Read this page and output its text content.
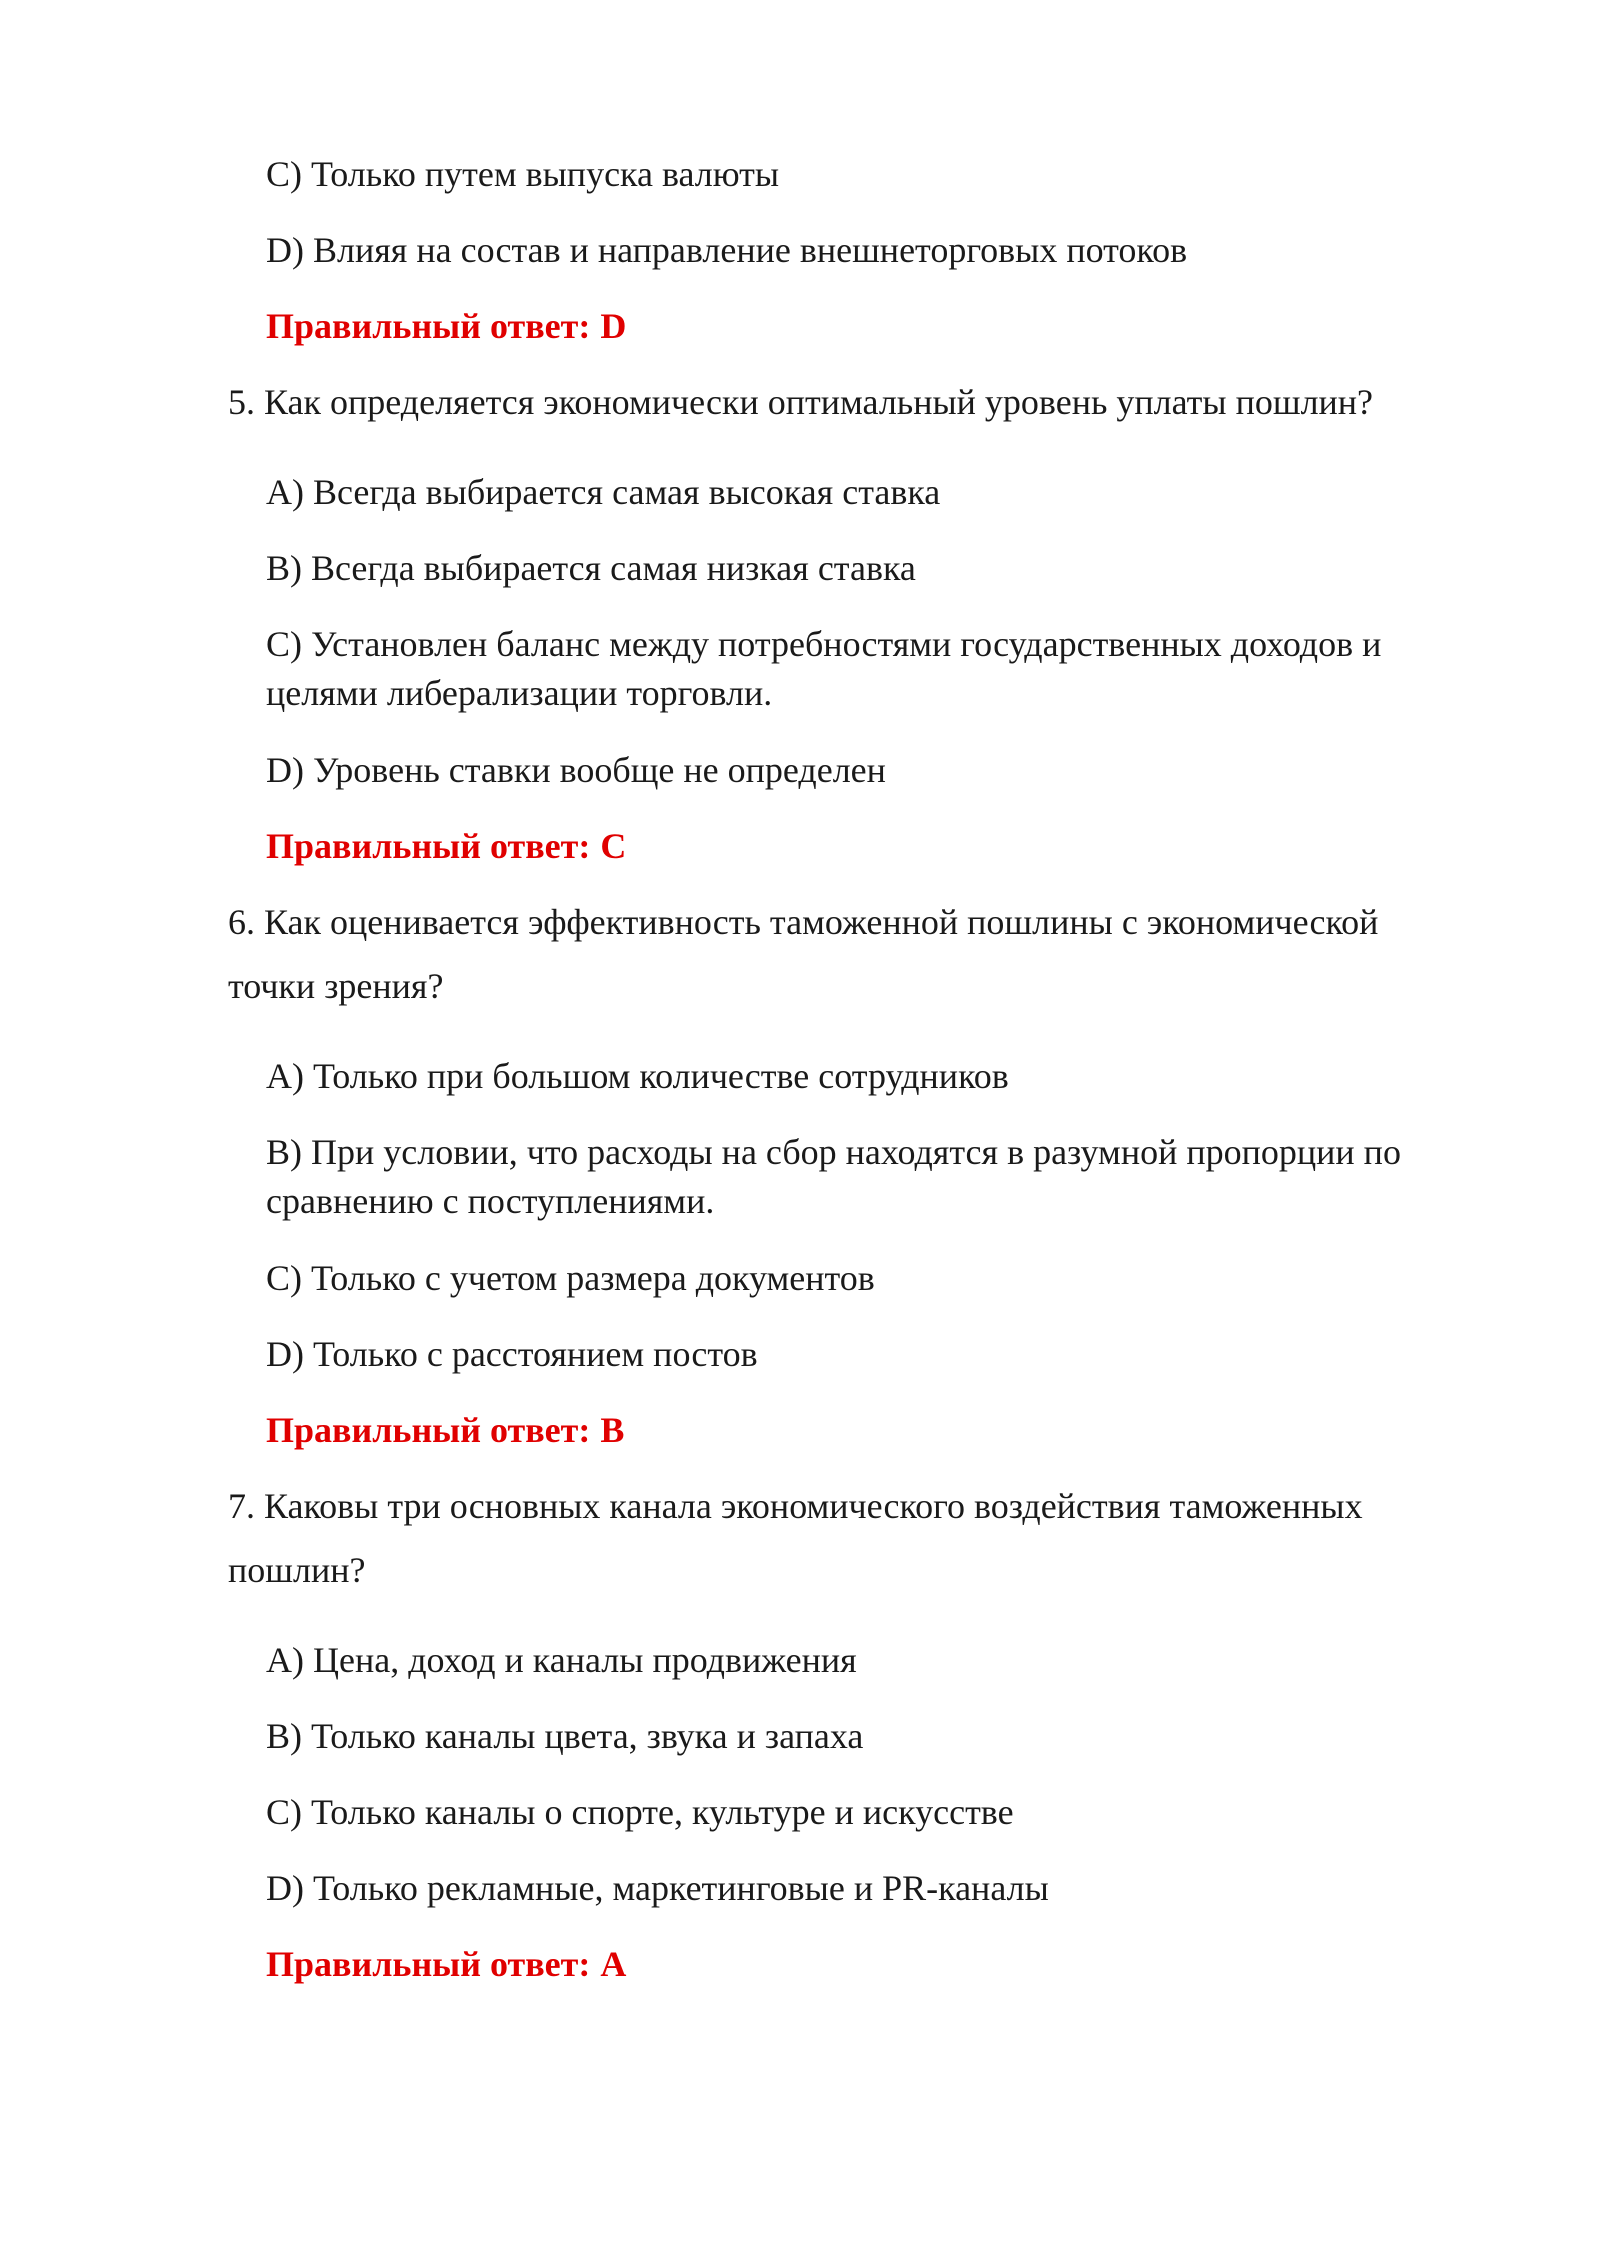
C) Только путем выпуска валюты
D) Влияя на состав и направление внешнеторговых потоков
Правильный ответ: D
5. Как определяется экономически оптимальный уровень уплаты пошлин?
A) Всегда выбирается самая высокая ставка
B) Всегда выбирается самая низкая ставка
C) Установлен баланс между потребностями государственных доходов и
целями либерализации торговли.
D) Уровень ставки вообще не определен
Правильный ответ: C
6. Как оценивается эффективность таможенной пошлины с экономической
точки зрения?
A) Только при большом количестве сотрудников
B) При условии, что расходы на сбор находятся в разумной пропорции по
сравнению с поступлениями.
C) Только с учетом размера документов
D) Только с расстоянием постов
Правильный ответ: B
7. Каковы три основных канала экономического воздействия таможенных
пошлин?
A) Цена, доход и каналы продвижения
B) Только каналы цвета, звука и запаха
C) Только каналы о спорте, культуре и искусстве
D) Только рекламные, маркетинговые и PR-каналы
Правильный ответ: A
